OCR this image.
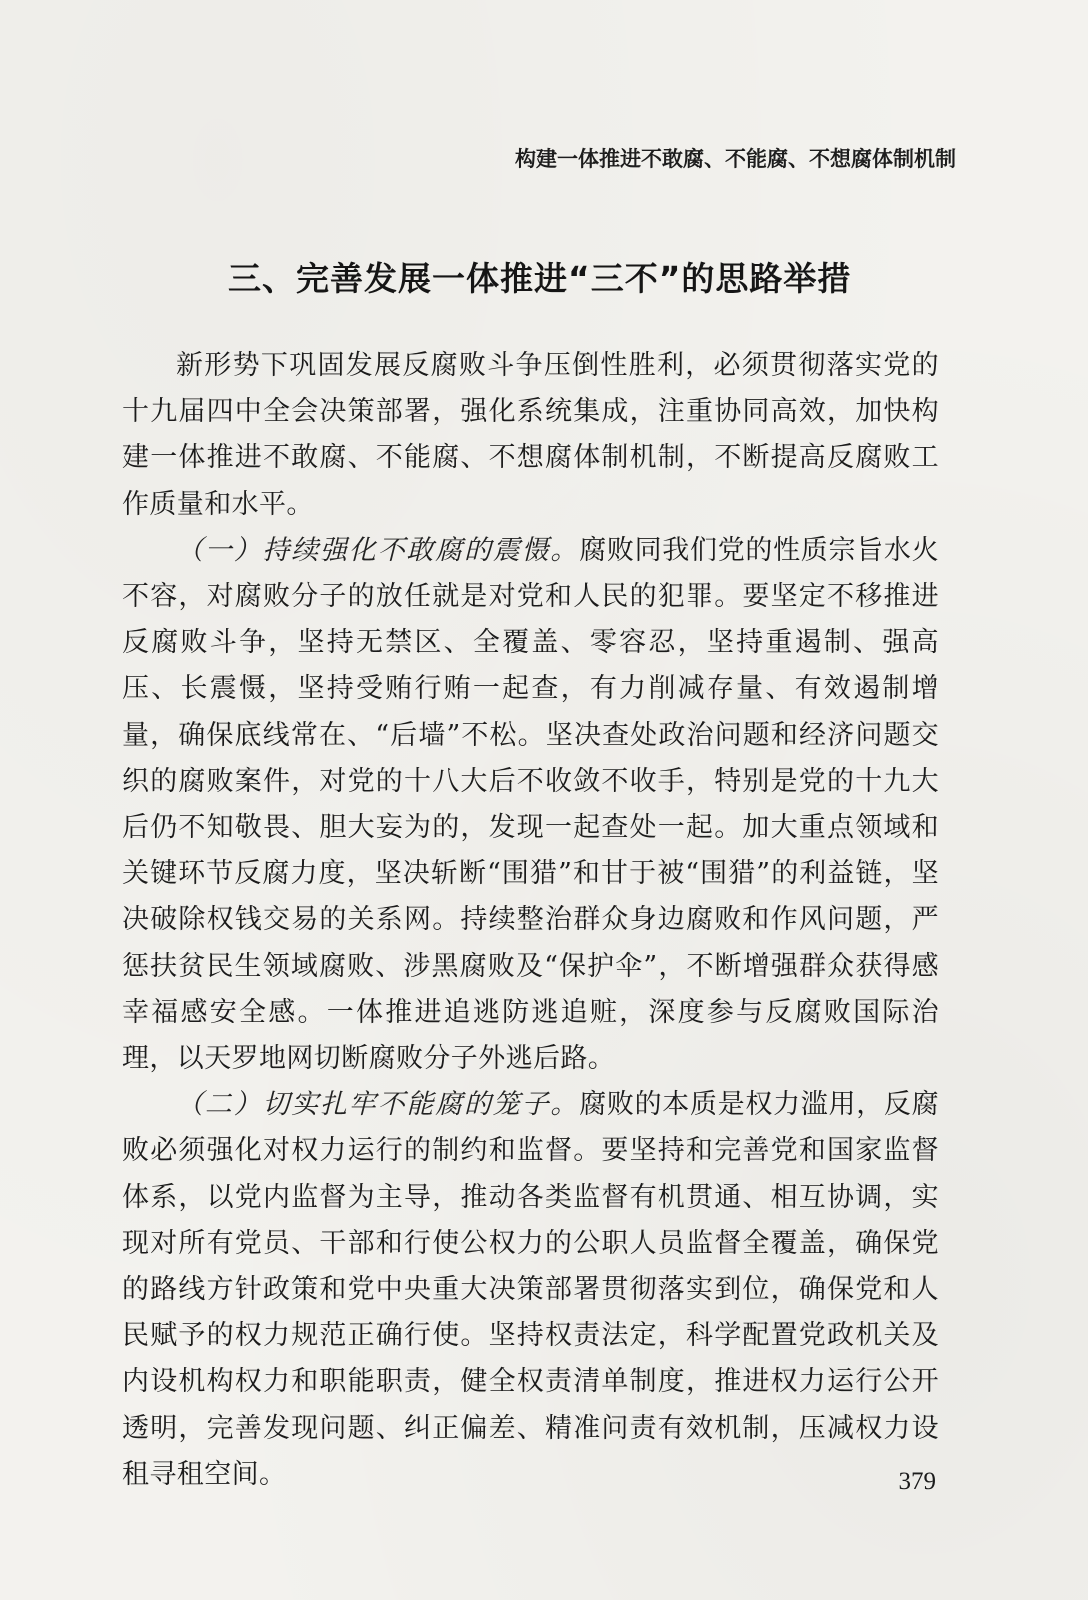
构建一体推进不敢腐、不能腐、不想腐体制机制
三、完善发展一体推进“三不”的思路举措

新形势下巩固发展反腐败斗争压倒性胜利，必须贯彻落实党的十九届四中全会决策部署，强化系统集成，注重协同高效，加快构建一体推进不敢腐、不能腐、不想腐体制机制，不断提高反腐败工作质量和水平。

（一）持续强化不敢腐的震慑。腐败同我们党的性质宗旨水火不容，对腐败分子的放任就是对党和人民的犯罪。要坚定不移推进反腐败斗争，坚持无禁区、全覆盖、零容忍，坚持重遏制、强高压、长震慑，坚持受贿行贿一起查，有力削减存量、有效遏制增量，确保底线常在、“后墙”不松。坚决查处政治问题和经济问题交织的腐败案件，对党的十八大后不收敛不收手，特别是党的十九大后仍不知敬畏、胆大妄为的，发现一起查处一起。加大重点领域和关键环节反腐力度，坚决斩断“围猎”和甘于被“围猎”的利益链，坚决破除权钱交易的关系网。持续整治群众身边腐败和作风问题，严惩扶贫民生领域腐败、涉黑腐败及“保护伞”，不断增强群众获得感幸福感安全感。一体推进追逃防逃追赃，深度参与反腐败国际治理，以天罗地网切断腐败分子外逃后路。

（二）切实扎牢不能腐的笼子。腐败的本质是权力滥用，反腐败必须强化对权力运行的制约和监督。要坚持和完善党和国家监督体系，以党内监督为主导，推动各类监督有机贯通、相互协调，实现对所有党员、干部和行使公权力的公职人员监督全覆盖，确保党的路线方针政策和党中央重大决策部署贯彻落实到位，确保党和人民赋予的权力规范正确行使。坚持权责法定，科学配置党政机关及内设机构权力和职能职责，健全权责清单制度，推进权力运行公开透明，完善发现问题、纠正偏差、精准问责有效机制，压减权力设租寻租空间。	379
